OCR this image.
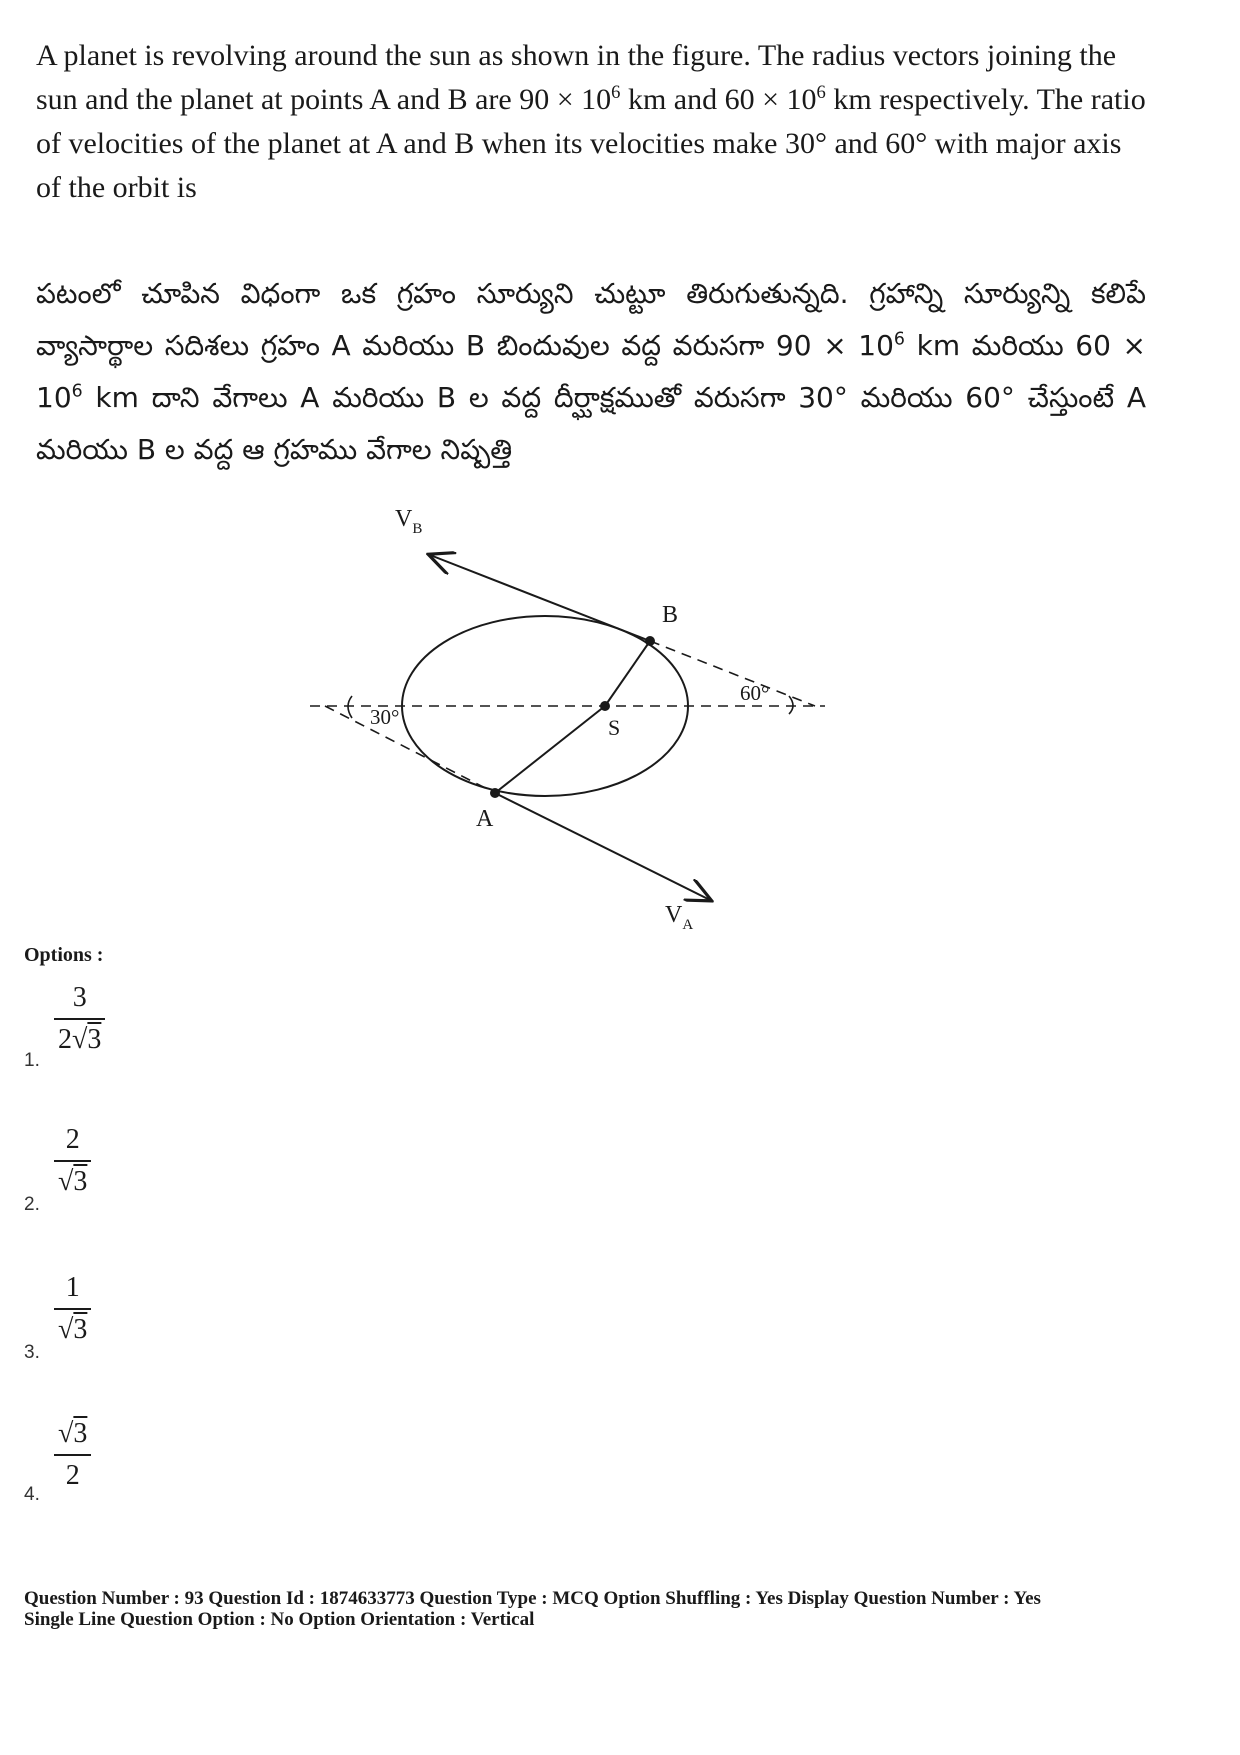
A planet is revolving around the sun as shown in the figure. The radius vectors joining the sun and the planet at points A and B are $90 \times 10^6$ km and $60 \times 10^6$ km respectively. The ratio of velocities of the planet at A and B when its velocities make 30° and 60° with major axis of the orbit is

పటంలో చూపిన విధంగా ఒక గ్రహం సూర్యుని చుట్టూ తిరుగుతున్నది. గ్రహాన్ని సూర్యున్ని కలిపే వ్యాసార్థాల సదిశలు గ్రహం A మరియు B బిందువుల వద్ద వరుసగా $90 \times 10^6$ km మరియు $60 \times 10^6$ km దాని వేగాలు A మరియు B ల వద్ద దీర్ఘాక్షముతో వరుసగా 30° మరియు 60° చేస్తుంటే A మరియు B ల వద్ద ఆ గ్రహము వేగాల నిష్పత్తి

30°
60°
B
A
S
$V_B$
$V_A$

Options :

1.
3
2√3
2.
2
√3
3.
1
√3
4.
√3
2

Question Number : 93 Question Id : 1874633773 Question Type : MCQ Option Shuffling : Yes Display Question Number : Yes
Single Line Question Option : No Option Orientation : Vertical
